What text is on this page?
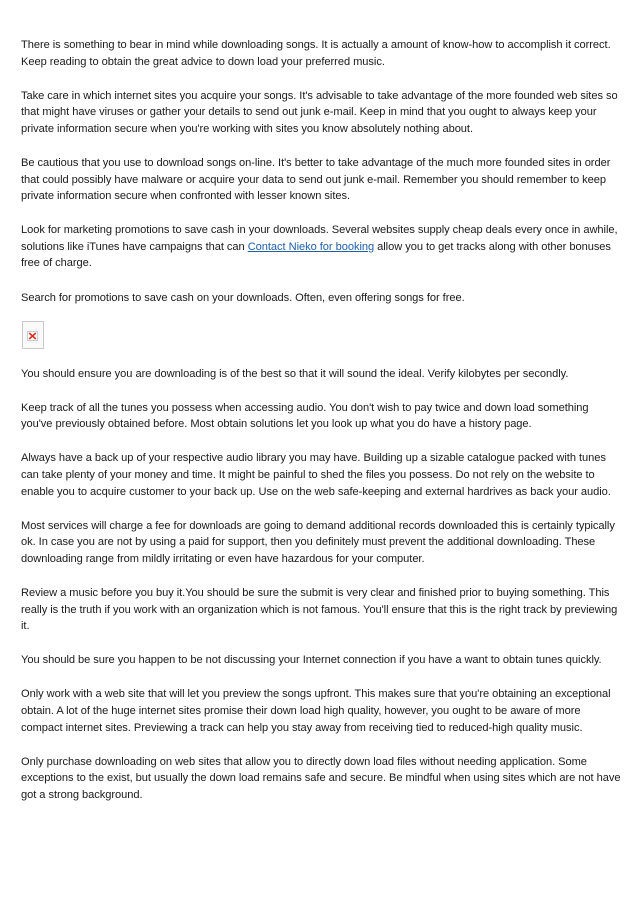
There is something to bear in mind while downloading songs. It is actually a amount of know-how to accomplish it correct. Keep reading to obtain the great advice to down load your preferred music.

Take care in which internet sites you acquire your songs. It's advisable to take advantage of the more founded web sites so that might have viruses or gather your details to send out junk e-mail. Keep in mind that you ought to always keep your private information secure when you're working with sites you know absolutely nothing about.

Be cautious that you use to download songs on-line. It's better to take advantage of the much more founded sites in order that could possibly have malware or acquire your data to send out junk e-mail. Remember you should remember to keep private information secure when confronted with lesser known sites.

Look for marketing promotions to save cash in your downloads. Several websites supply cheap deals every once in awhile, solutions like iTunes have campaigns that can Contact Nieko for booking allow you to get tracks along with other bonuses free of charge.

Search for promotions to save cash on your downloads. Often, even offering songs for free.

You should ensure you are downloading is of the best so that it will sound the ideal. Verify kilobytes per secondly.

Keep track of all the tunes you possess when accessing audio. You don't wish to pay twice and down load something you've previously obtained before. Most obtain solutions let you look up what you do have a history page.

Always have a back up of your respective audio library you may have. Building up a sizable catalogue packed with tunes can take plenty of your money and time. It might be painful to shed the files you possess. Do not rely on the website to enable you to acquire customer to your back up. Use on the web safe-keeping and external hardrives as back your audio.

Most services will charge a fee for downloads are going to demand additional records downloaded this is certainly typically ok. In case you are not by using a paid for support, then you definitely must prevent the additional downloading. These downloading range from mildly irritating or even have hazardous for your computer.

Review a music before you buy it.You should be sure the submit is very clear and finished prior to buying something. This really is the truth if you work with an organization which is not famous. You'll ensure that this is the right track by previewing it.

You should be sure you happen to be not discussing your Internet connection if you have a want to obtain tunes quickly.

Only work with a web site that will let you preview the songs upfront. This makes sure that you're obtaining an exceptional obtain. A lot of the huge internet sites promise their down load high quality, however, you ought to be aware of more compact internet sites. Previewing a track can help you stay away from receiving tied to reduced-high quality music.

Only purchase downloading on web sites that allow you to directly down load files without needing application. Some exceptions to the exist, but usually the down load remains safe and secure. Be mindful when using sites which are not have got a strong background.
